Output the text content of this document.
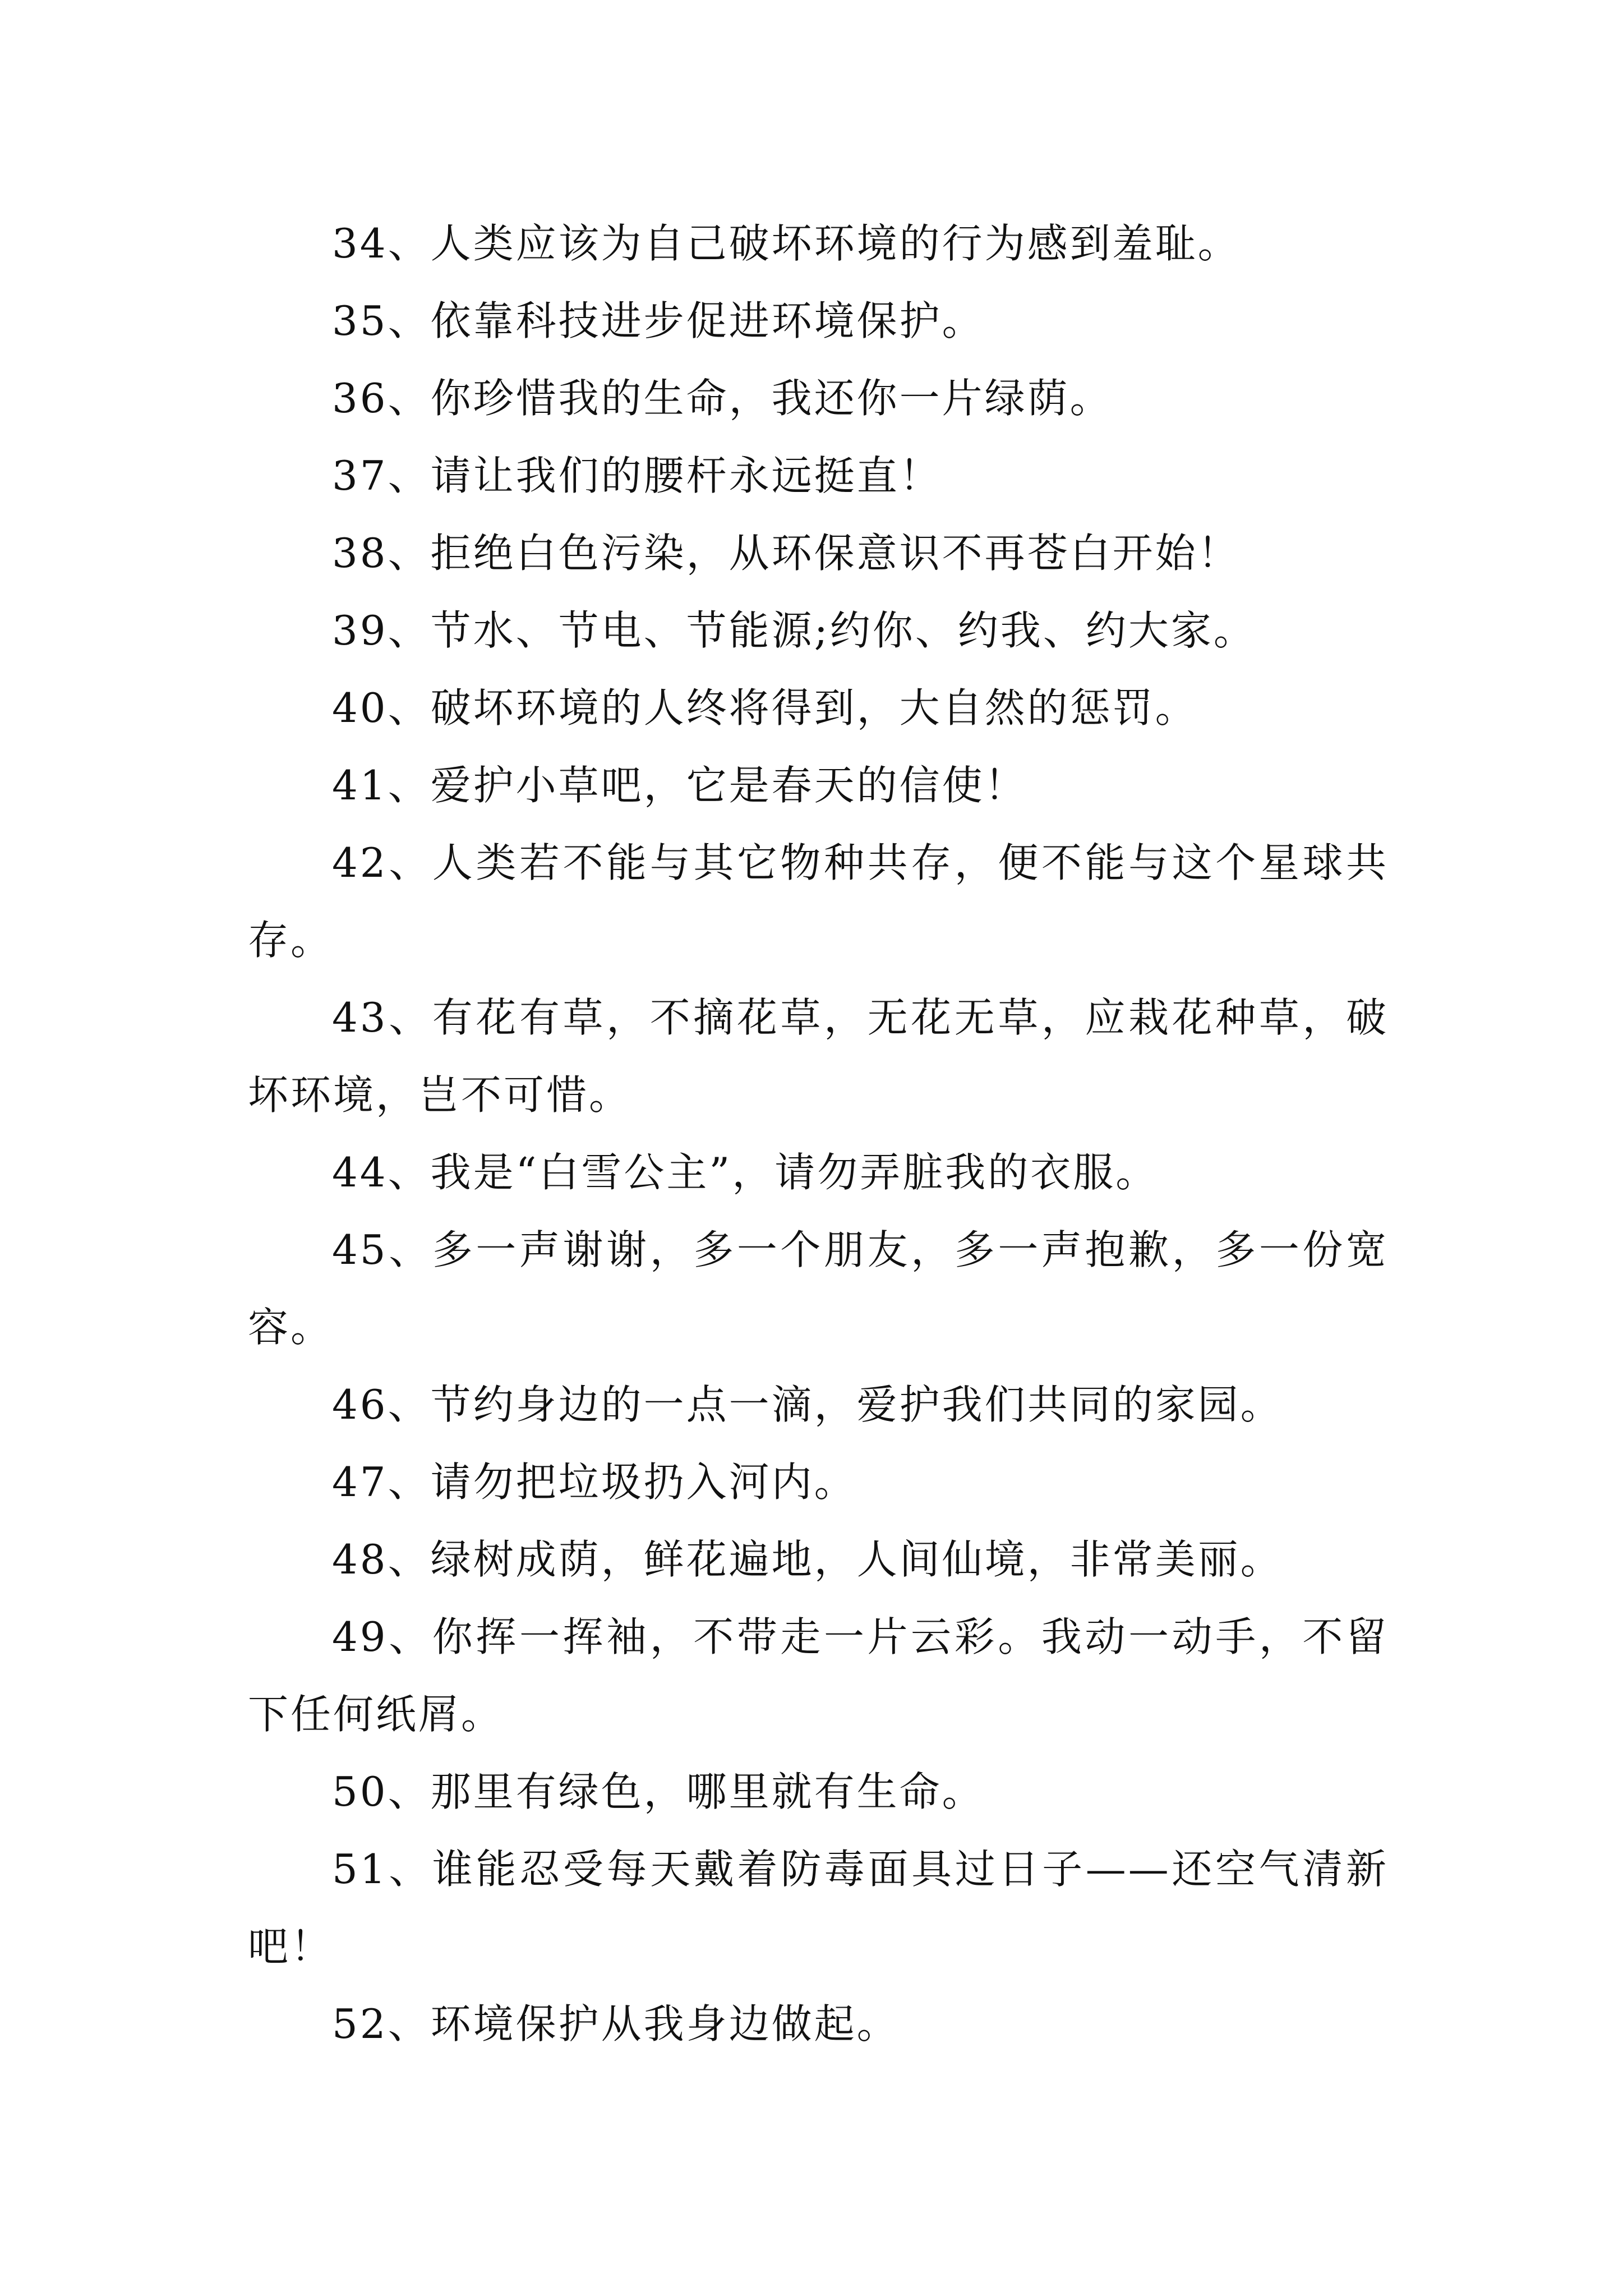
34、人类应该为自己破坏环境的行为感到羞耻。

35、依靠科技进步促进环境保护。

36、你珍惜我的生命，我还你一片绿荫。

37、请让我们的腰杆永远挺直！

38、拒绝白色污染，从环保意识不再苍白开始！

39、节水、节电、节能源;约你、约我、约大家。

40、破坏环境的人终将得到，大自然的惩罚。

41、爱护小草吧，它是春天的信使！

42、人类若不能与其它物种共存，便不能与这个星球共存。

43、有花有草，不摘花草，无花无草，应栽花种草，破坏环境，岂不可惜。

44、我是“白雪公主”，请勿弄脏我的衣服。

45、多一声谢谢，多一个朋友，多一声抱歉，多一份宽容。

46、节约身边的一点一滴，爱护我们共同的家园。

47、请勿把垃圾扔入河内。

48、绿树成荫，鲜花遍地，人间仙境，非常美丽。

49、你挥一挥袖，不带走一片云彩。我动一动手，不留下任何纸屑。

50、那里有绿色，哪里就有生命。

51、谁能忍受每天戴着防毒面具过日子——还空气清新吧！

52、环境保护从我身边做起。
